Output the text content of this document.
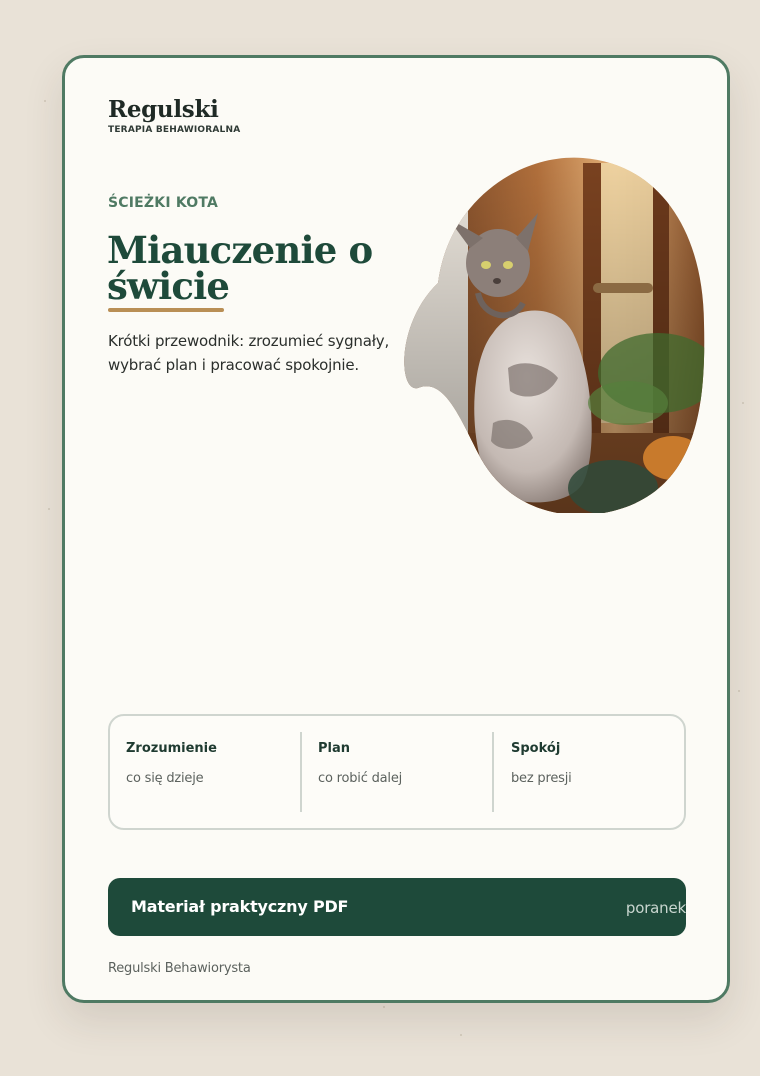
Regulski
TERAPIA BEHAWIORALNA
ŚCIEŻKI KOTA
Miauczenie o świcie
Krótki przewodnik: zrozumieć sygnały, wybrać plan i pracować spokojnie.
Zrozumienie
co się dzieje
Plan
co robić dalej
Spokój
bez presji
Materiał praktyczny PDF	poranek
Regulski Behawiorysta
